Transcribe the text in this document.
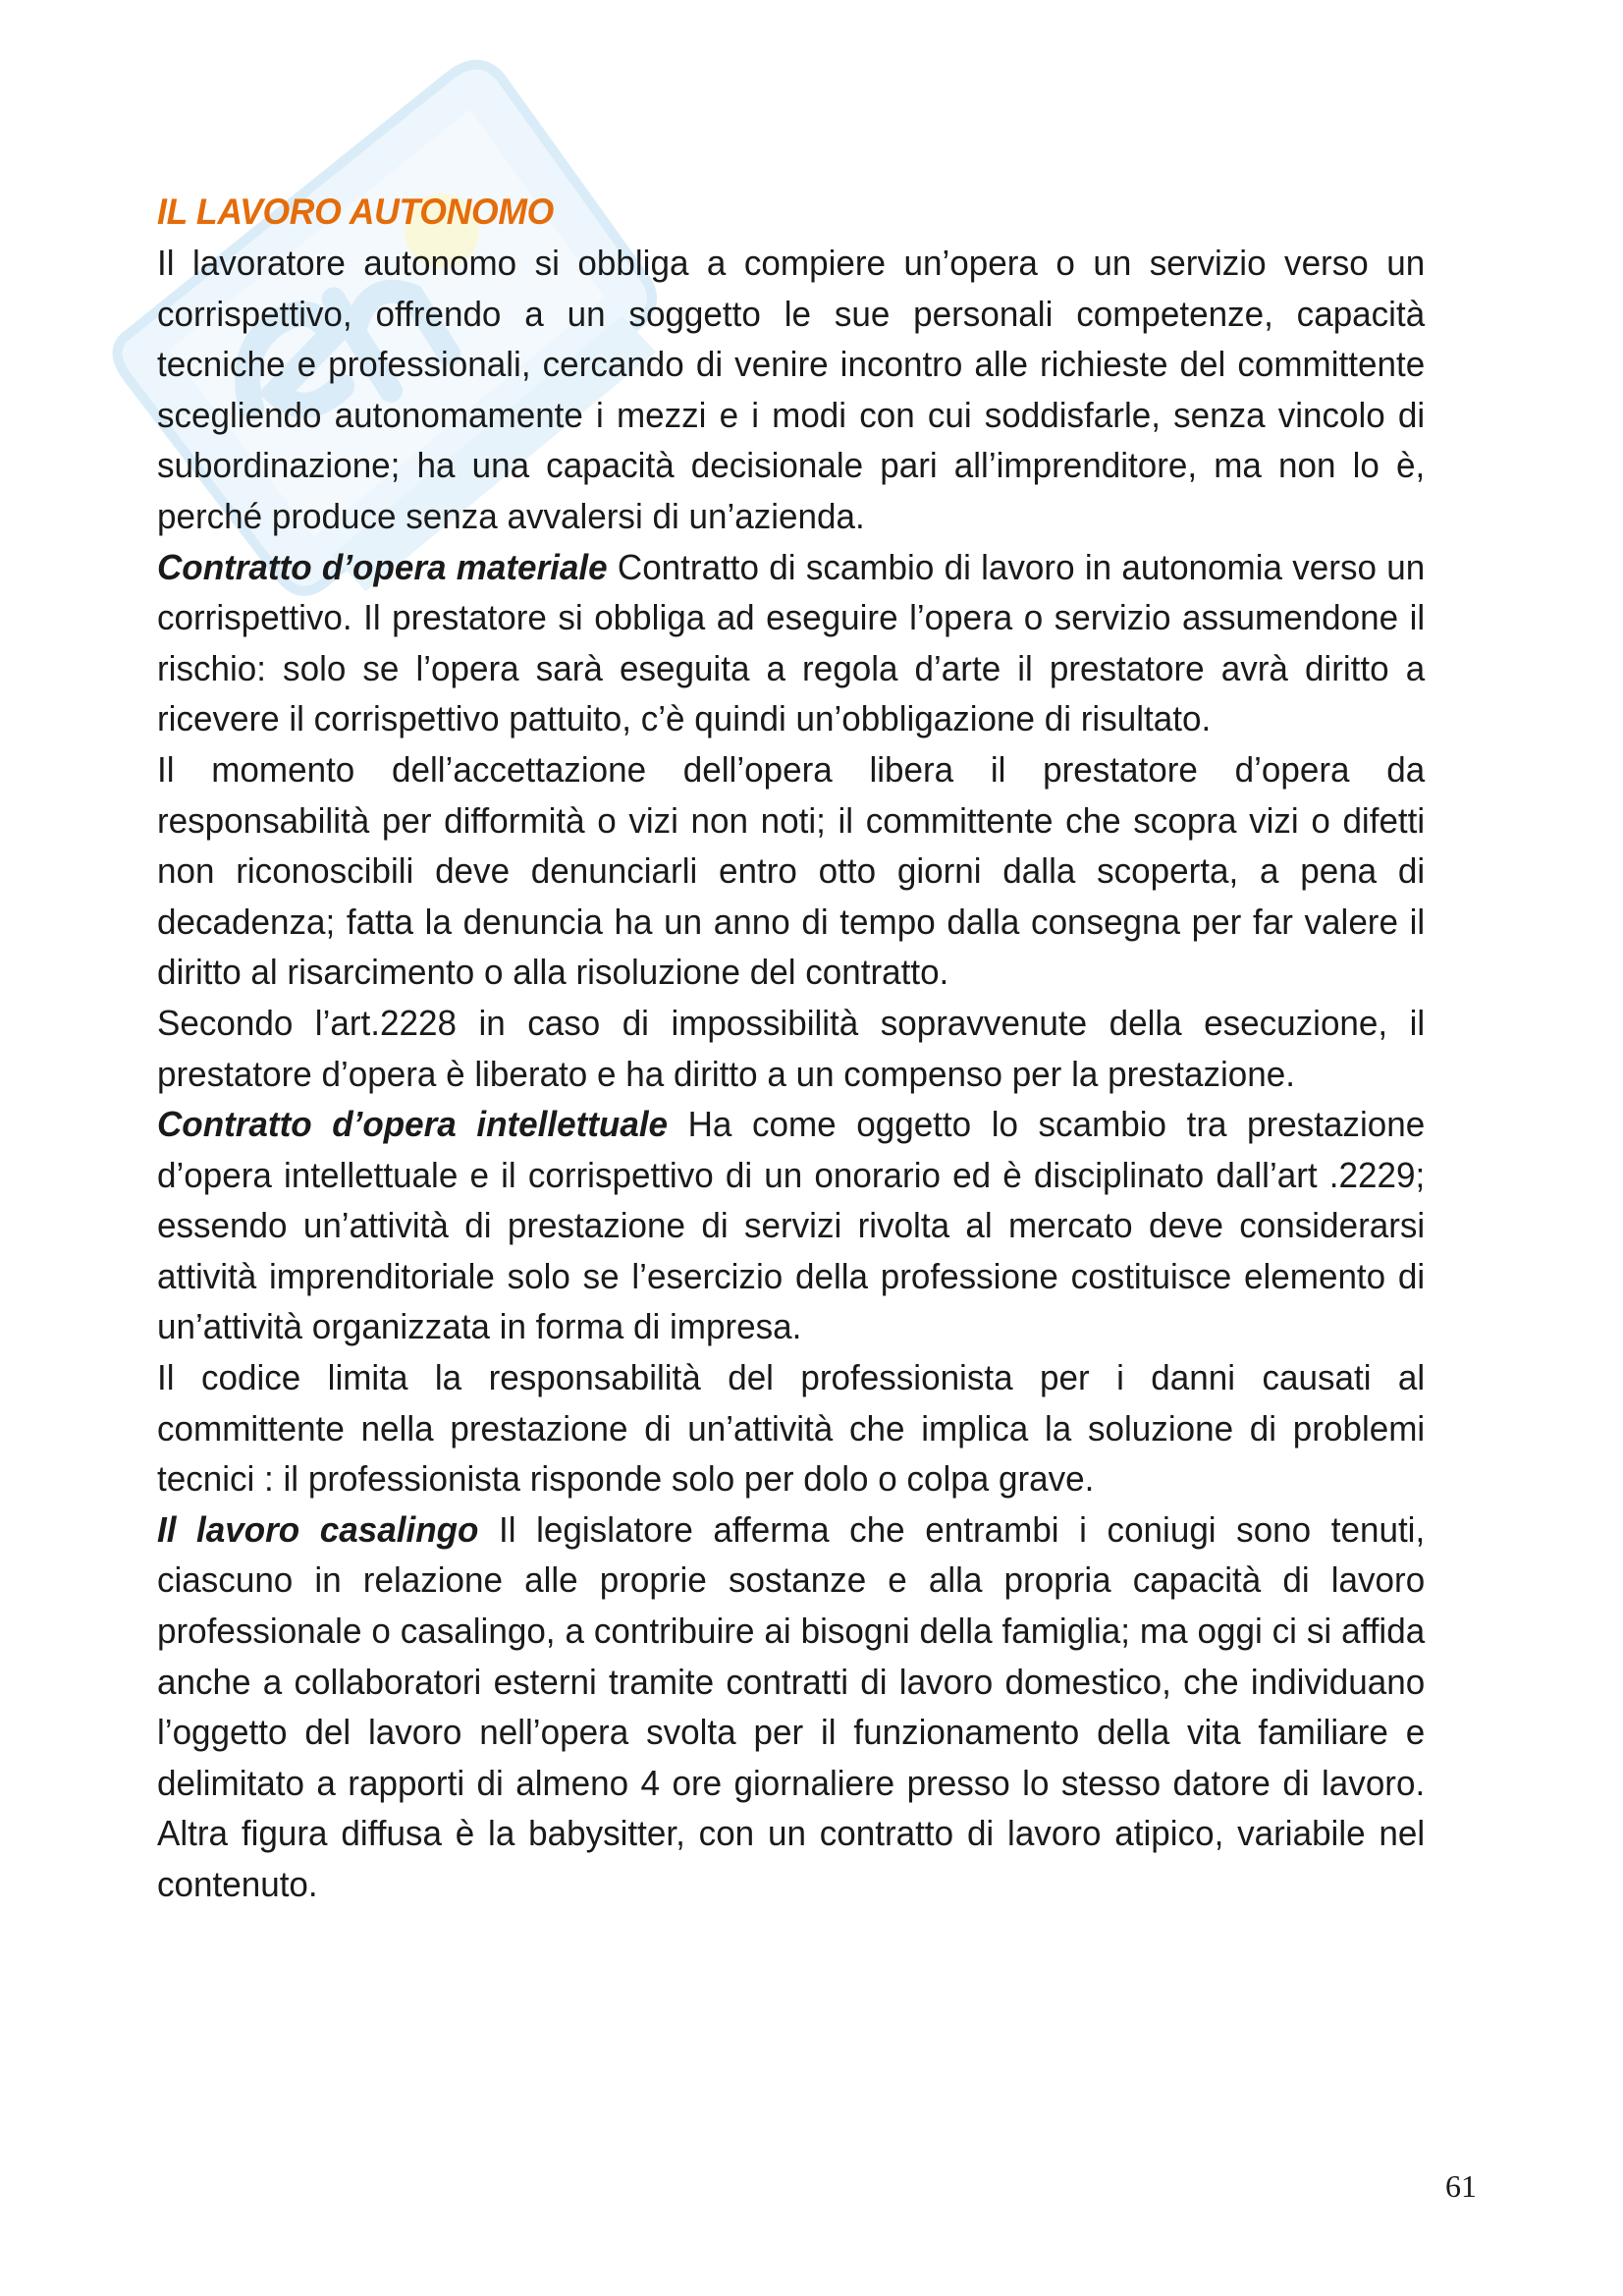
IL LAVORO AUTONOMO

Il lavoratore autonomo si obbliga a compiere un’opera o un servizio verso un corrispettivo, offrendo a un soggetto le sue personali competenze, capacità tecniche e professionali, cercando di venire incontro alle richieste del committente scegliendo autonomamente i mezzi e i modi con cui soddisfarle, senza vincolo di subordinazione; ha una capacità decisionale pari all’imprenditore, ma non lo è, perché produce senza avvalersi di un’azienda.

Contratto d’opera materiale Contratto di scambio di lavoro in autonomia verso un corrispettivo. Il prestatore si obbliga ad eseguire l’opera o servizio assumendone il rischio: solo se l’opera sarà eseguita a regola d’arte il prestatore avrà diritto a ricevere il corrispettivo pattuito, c’è quindi un’obbligazione di risultato.

Il momento dell’accettazione dell’opera libera il prestatore d’opera da responsabilità per difformità o vizi non noti; il committente che scopra vizi o difetti non riconoscibili deve denunciarli entro otto giorni dalla scoperta, a pena di decadenza; fatta la denuncia ha un anno di tempo dalla consegna per far valere il diritto al risarcimento o alla risoluzione del contratto.

Secondo l’art.2228 in caso di impossibilità sopravvenute della esecuzione, il prestatore d’opera è liberato e ha diritto a un compenso per la prestazione.

Contratto d’opera intellettuale Ha come oggetto lo scambio tra prestazione d’opera intellettuale e il corrispettivo di un onorario ed è disciplinato dall’art .2229; essendo un’attività di prestazione di servizi rivolta al mercato deve considerarsi attività imprenditoriale solo se l’esercizio della professione costituisce elemento di un’attività organizzata in forma di impresa.

Il codice limita la responsabilità del professionista per i danni causati al committente nella prestazione di un’attività che implica la soluzione di problemi tecnici : il professionista risponde solo per dolo o colpa grave.

Il lavoro casalingo Il legislatore afferma che entrambi i coniugi sono tenuti, ciascuno in relazione alle proprie sostanze e alla propria capacità di lavoro professionale o casalingo, a contribuire ai bisogni della famiglia; ma oggi ci si affida anche a collaboratori esterni tramite contratti di lavoro domestico, che individuano l’oggetto del lavoro nell’opera svolta per il funzionamento della vita familiare e delimitato a rapporti di almeno 4 ore giornaliere presso lo stesso datore di lavoro. Altra figura diffusa è la babysitter, con un contratto di lavoro atipico, variabile nel contenuto.

61
